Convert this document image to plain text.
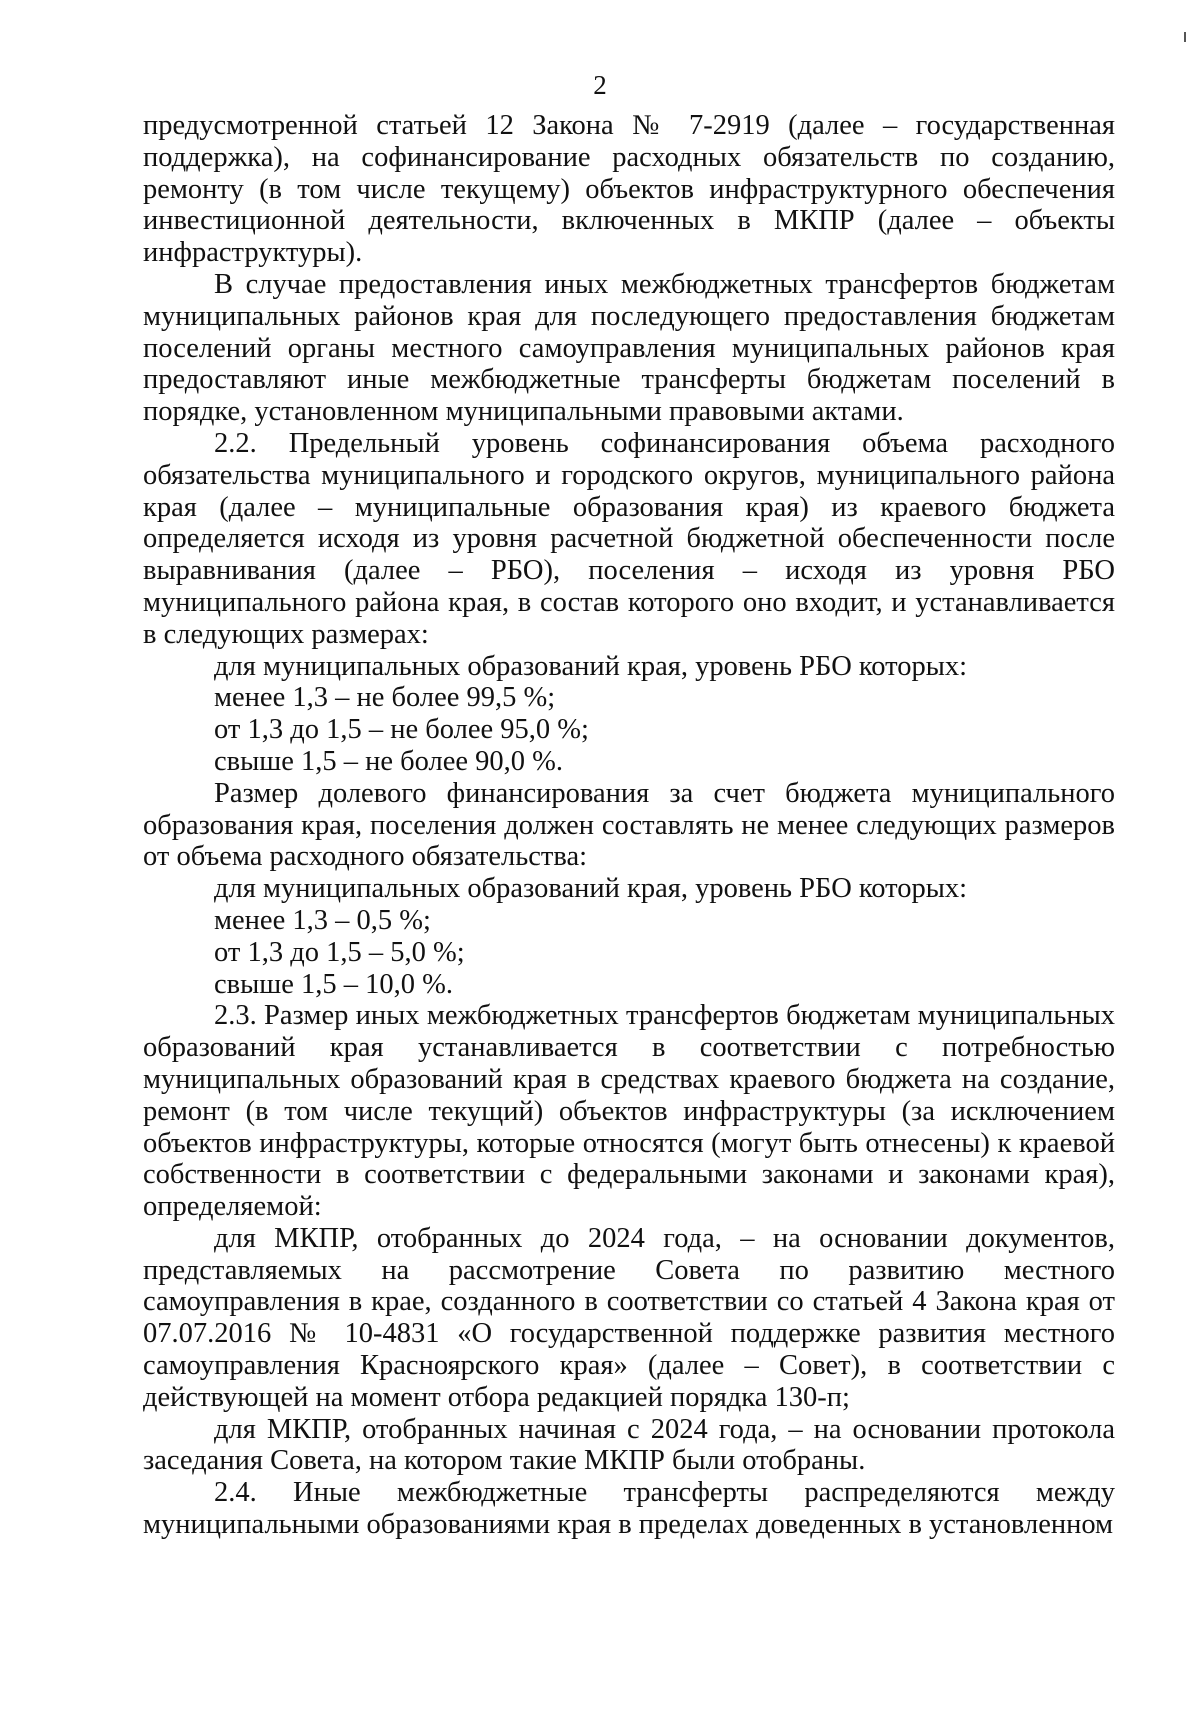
2

предусмотренной статьей 12 Закона № 7-2919 (далее – государственная поддержка), на софинансирование расходных обязательств по созданию, ремонту (в том числе текущему) объектов инфраструктурного обеспечения инвестиционной деятельности, включенных в МКПР (далее – объекты инфраструктуры).

В случае предоставления иных межбюджетных трансфертов бюджетам муниципальных районов края для последующего предоставления бюджетам поселений органы местного самоуправления муниципальных районов края предоставляют иные межбюджетные трансферты бюджетам поселений в порядке, установленном муниципальными правовыми актами.

2.2. Предельный уровень софинансирования объема расходного обязательства муниципального и городского округов, муниципального района края (далее – муниципальные образования края) из краевого бюджета определяется исходя из уровня расчетной бюджетной обеспеченности после выравнивания (далее – РБО), поселения – исходя из уровня РБО муниципального района края, в состав которого оно входит, и устанавливается в следующих размерах:

для муниципальных образований края, уровень РБО которых:

менее 1,3 – не более 99,5 %;

от 1,3 до 1,5 – не более 95,0 %;

свыше 1,5 – не более 90,0 %.

Размер долевого финансирования за счет бюджета муниципального образования края, поселения должен составлять не менее следующих размеров от объема расходного обязательства:

для муниципальных образований края, уровень РБО которых:

менее 1,3 – 0,5 %;

от 1,3 до 1,5 – 5,0 %;

свыше 1,5 – 10,0 %.

2.3. Размер иных межбюджетных трансфертов бюджетам муниципальных образований края устанавливается в соответствии с потребностью муниципальных образований края в средствах краевого бюджета на создание, ремонт (в том числе текущий) объектов инфраструктуры (за исключением объектов инфраструктуры, которые относятся (могут быть отнесены) к краевой собственности в соответствии с федеральными законами и законами края), определяемой:

для МКПР, отобранных до 2024 года, – на основании документов, представляемых на рассмотрение Совета по развитию местного самоуправления в крае, созданного в соответствии со статьей 4 Закона края от 07.07.2016 № 10-4831 «О государственной поддержке развития местного самоуправления Красноярского края» (далее – Совет), в соответствии с действующей на момент отбора редакцией порядка 130-п;

для МКПР, отобранных начиная с 2024 года, – на основании протокола заседания Совета, на котором такие МКПР были отобраны.

2.4. Иные межбюджетные трансферты распределяются между муниципальными образованиями края в пределах доведенных в установленном
